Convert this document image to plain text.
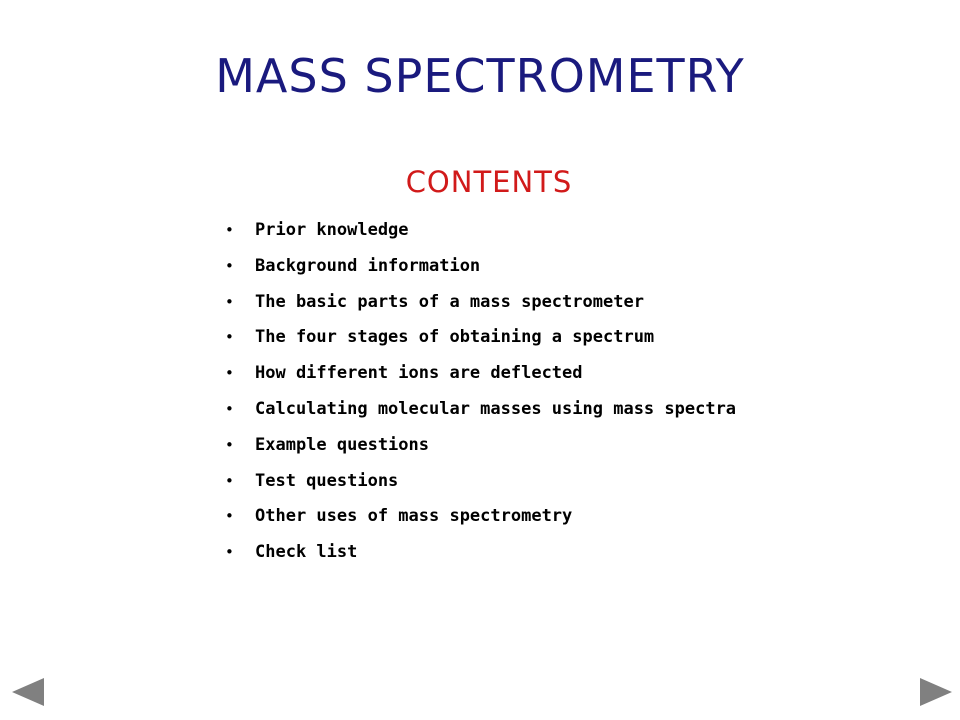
MASS SPECTROMETRY
CONTENTS
• Prior knowledge
• Background information
• The basic parts of a mass spectrometer
• The four stages of obtaining a spectrum
• How different ions are deflected
• Calculating molecular masses using mass spectra
• Example questions
• Test questions
• Other uses of mass spectrometry
• Check list
